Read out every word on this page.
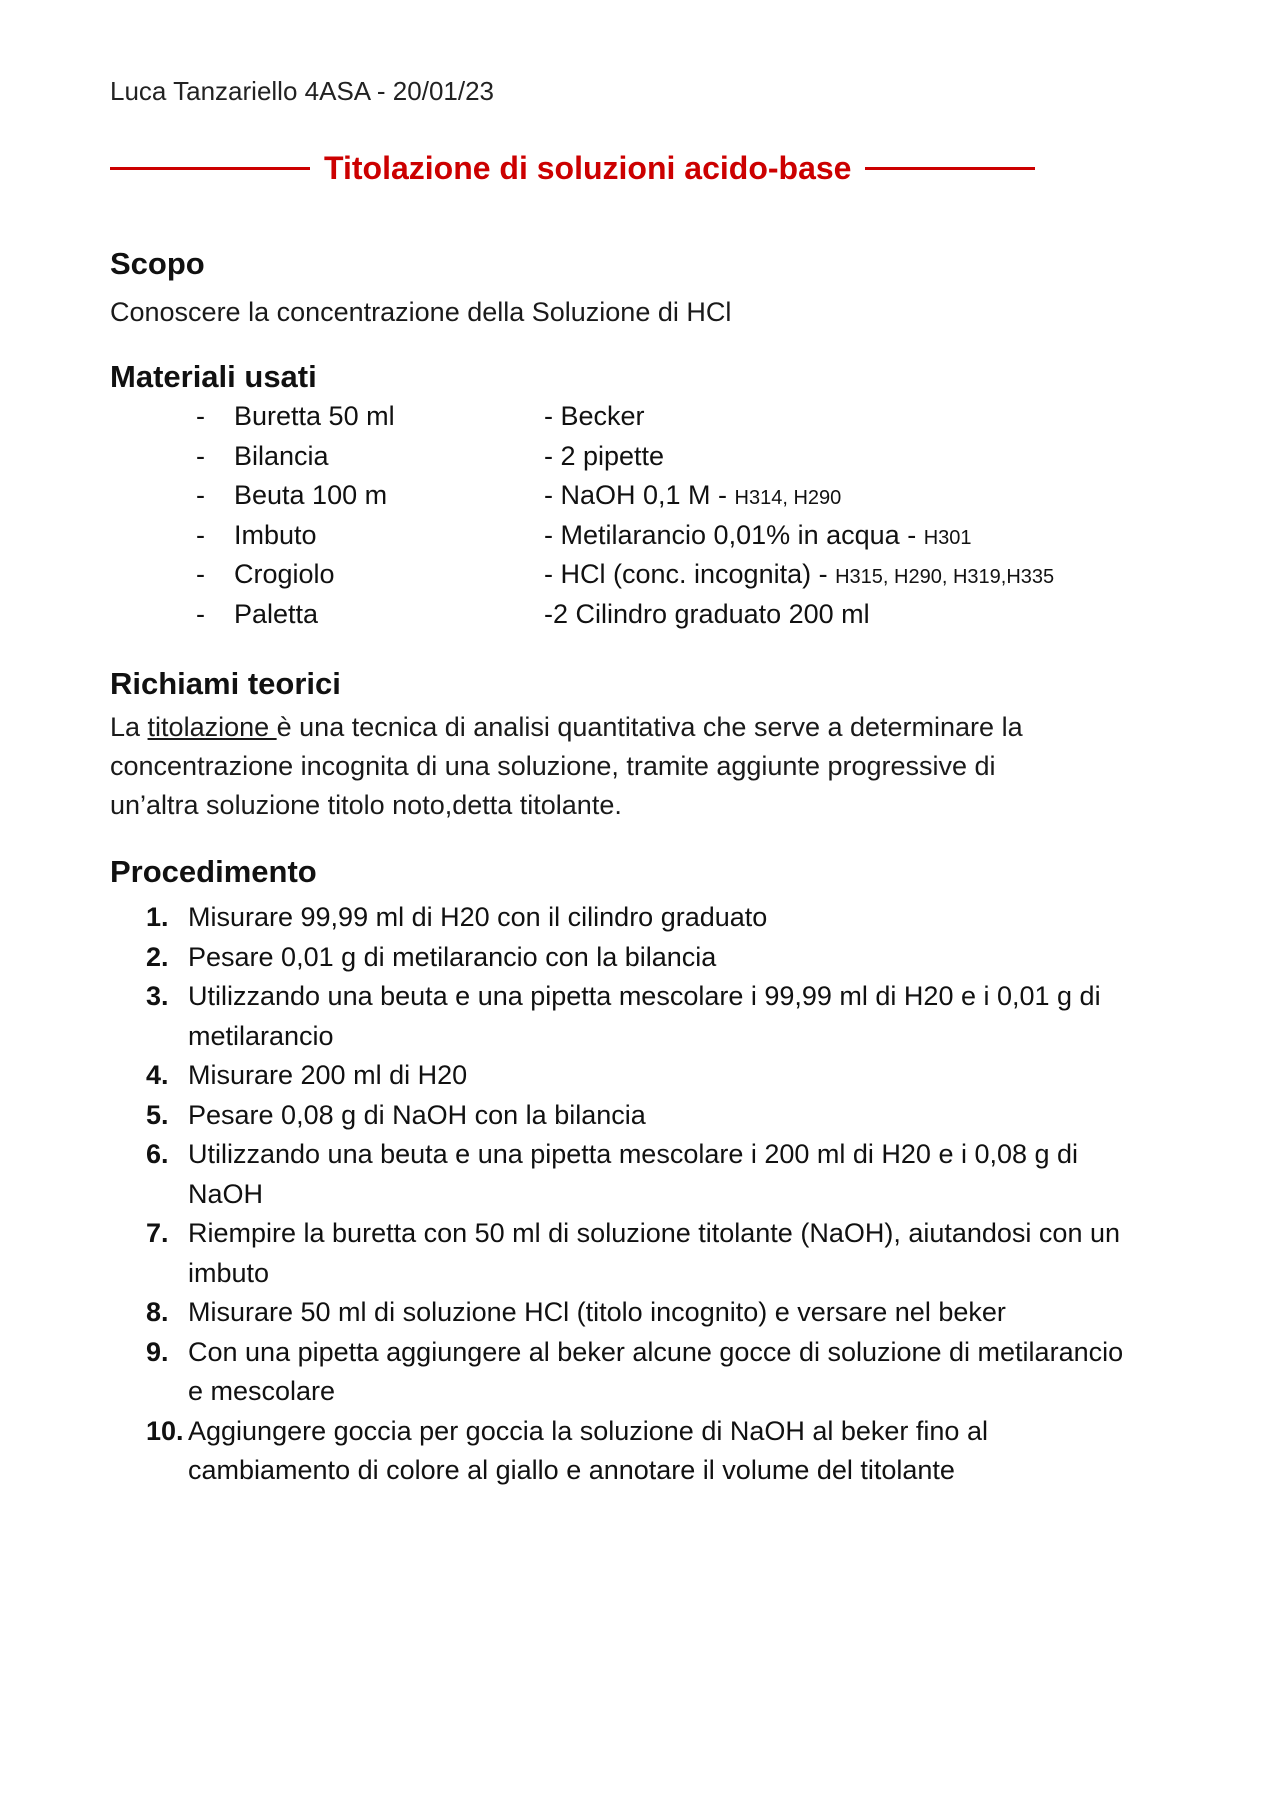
Luca Tanzariello 4ASA - 20/01/23
Titolazione di soluzioni acido-base
Scopo
Conoscere la concentrazione della Soluzione di HCl
Materiali usati
- Buretta 50 ml	- Becker
- Bilancia	- 2 pipette
- Beuta 100 m	- NaOH 0,1 M - H314, H290
- Imbuto	- Metilarancio 0,01% in acqua - H301
- Crogiolo	- HCl (conc. incognita) - H315, H290, H319,H335
- Paletta	-2 Cilindro graduato 200 ml
Richiami teorici
La titolazione è una tecnica di analisi quantitativa che serve a determinare la concentrazione incognita di una soluzione, tramite aggiunte progressive di un’altra soluzione titolo noto,detta titolante.
Procedimento
1. Misurare 99,99 ml di H20 con il cilindro graduato
2. Pesare 0,01 g di metilarancio con la bilancia
3. Utilizzando una beuta e una pipetta mescolare i 99,99 ml di H20 e i 0,01 g di metilarancio
4. Misurare 200 ml di H20
5. Pesare 0,08 g di NaOH con la bilancia
6. Utilizzando una beuta e una pipetta mescolare i 200 ml di H20 e i 0,08 g di NaOH
7. Riempire la buretta con 50 ml di soluzione titolante (NaOH), aiutandosi con un imbuto
8. Misurare 50 ml di soluzione HCl (titolo incognito) e versare nel beker
9. Con una pipetta aggiungere al beker alcune gocce di soluzione di metilarancio e mescolare
10. Aggiungere goccia per goccia la soluzione di NaOH al beker fino al cambiamento di colore al giallo e annotare il volume del titolante
